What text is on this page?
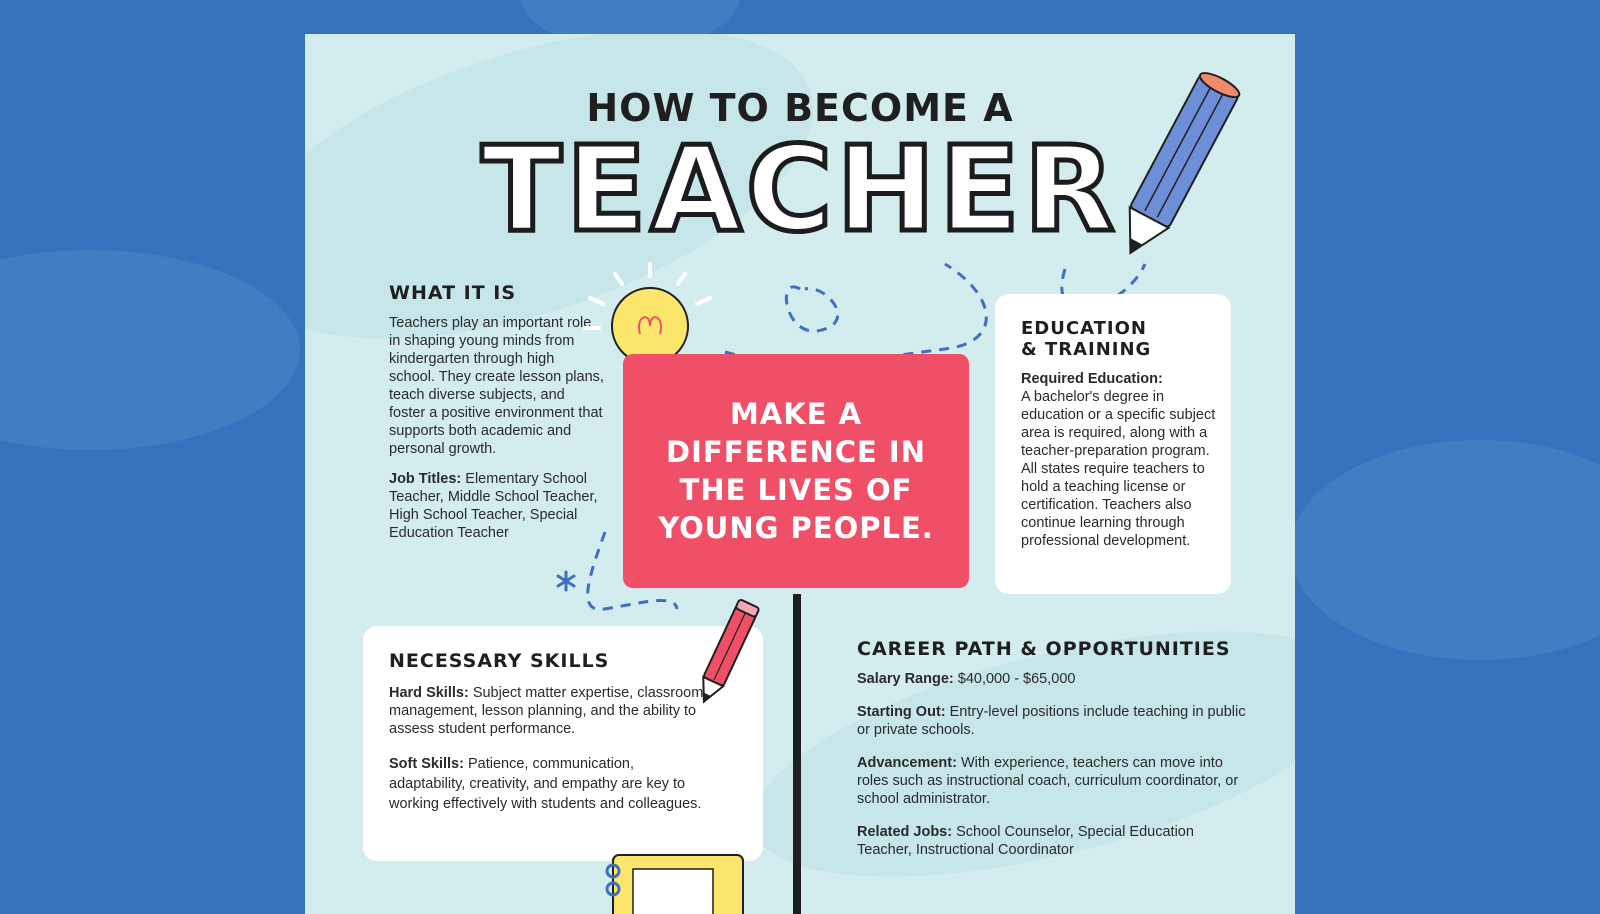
HOW TO BECOME A
TEACHER
WHAT IT IS
Teachers play an important role in shaping young minds from kindergarten through high school. They create lesson plans, teach diverse subjects, and foster a positive environment that supports both academic and personal growth.
Job Titles: Elementary School Teacher, Middle School Teacher, High School Teacher, Special Education Teacher
MAKE A DIFFERENCE IN THE LIVES OF YOUNG PEOPLE.
EDUCATION
& TRAINING
Required Education:
A bachelor's degree in education or a specific subject area is required, along with a teacher-preparation program. All states require teachers to hold a teaching license or certification. Teachers also continue learning through professional development.
NECESSARY SKILLS
Hard Skills: Subject matter expertise, classroom management, lesson planning, and the ability to assess student performance.
Soft Skills: Patience, communication, adaptability, creativity, and empathy are key to working effectively with students and colleagues.
CAREER PATH & OPPORTUNITIES
Salary Range: $40,000 - $65,000
Starting Out: Entry-level positions include teaching in public or private schools.
Advancement: With experience, teachers can move into roles such as instructional coach, curriculum coordinator, or school administrator.
Related Jobs: School Counselor, Special Education Teacher, Instructional Coordinator
